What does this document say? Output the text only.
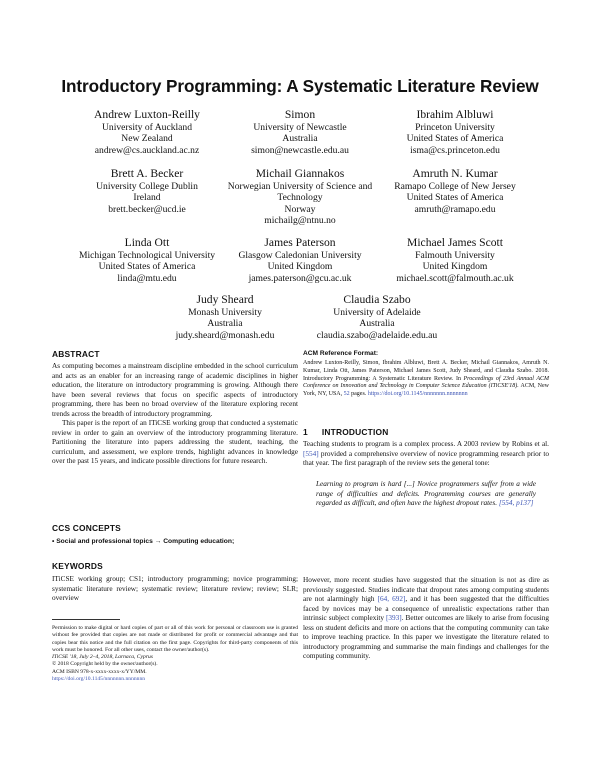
Introductory Programming: A Systematic Literature Review
Andrew Luxton-Reilly
University of Auckland
New Zealand
andrew@cs.auckland.ac.nz
Simon
University of Newcastle
Australia
simon@newcastle.edu.au
Ibrahim Albluwi
Princeton University
United States of America
isma@cs.princeton.edu
Brett A. Becker
University College Dublin
Ireland
brett.becker@ucd.ie
Michail Giannakos
Norwegian University of Science and
Technology
Norway
michailg@ntnu.no
Amruth N. Kumar
Ramapo College of New Jersey
United States of America
amruth@ramapo.edu
Linda Ott
Michigan Technological University
United States of America
linda@mtu.edu
James Paterson
Glasgow Caledonian University
United Kingdom
james.paterson@gcu.ac.uk
Michael James Scott
Falmouth University
United Kingdom
michael.scott@falmouth.ac.uk
Judy Sheard
Monash University
Australia
judy.sheard@monash.edu
Claudia Szabo
University of Adelaide
Australia
claudia.szabo@adelaide.edu.au
ABSTRACT

As computing becomes a mainstream discipline embedded in the school curriculum and acts as an enabler for an increasing range of academic disciplines in higher education, the literature on introductory programming is growing. Although there have been several reviews that focus on specific aspects of introductory programming, there has been no broad overview of the literature exploring recent trends across the breadth of introductory programming.

This paper is the report of an ITiCSE working group that conducted a systematic review in order to gain an overview of the introductory programming literature. Partitioning the literature into papers addressing the student, teaching, the curriculum, and assessment, we explore trends, highlight advances in knowledge over the past 15 years, and indicate possible directions for future research.

CCS CONCEPTS
• Social and professional topics → Computing education;
KEYWORDS
ITiCSE working group; CS1; introductory programming; novice programming; systematic literature review; systematic review; literature review; review; SLR; overview
Permission to make digital or hard copies of part or all of this work for personal or classroom use is granted without fee provided that copies are not made or distributed for profit or commercial advantage and that copies bear this notice and the full citation on the first page. Copyrights for third-party components of this work must be honored. For all other uses, contact the owner/author(s).
ITiCSE '18, July 2–4, 2018, Larnaca, Cyprus
© 2018 Copyright held by the owner/author(s).
ACM ISBN 978-x-xxxx-xxxx-x/YY/MM.
https://doi.org/10.1145/nnnnnnn.nnnnnnn
ACM Reference Format:
Andrew Luxton-Reilly, Simon, Ibrahim Albluwi, Brett A. Becker, Michail Giannakos, Amruth N. Kumar, Linda Ott, James Paterson, Michael James Scott, Judy Sheard, and Claudia Szabo. 2018. Introductory Programming: A Systematic Literature Review. In Proceedings of 23rd Annual ACM Conference on Innovation and Technology in Computer Science Education (ITiCSE'18). ACM, New York, NY, USA, 52 pages. https://doi.org/10.1145/nnnnnnn.nnnnnnn
1 INTRODUCTION
Teaching students to program is a complex process. A 2003 review by Robins et al. [554] provided a comprehensive overview of novice programming research prior to that year. The first paragraph of the review sets the general tone:
Learning to program is hard [...] Novice programmers suffer from a wide range of difficulties and deficits. Programming courses are generally regarded as difficult, and often have the highest dropout rates. [554, p137]
However, more recent studies have suggested that the situation is not as dire as previously suggested. Studies indicate that dropout rates among computing students are not alarmingly high [64, 692], and it has been suggested that the difficulties faced by novices may be a consequence of unrealistic expectations rather than intrinsic subject complexity [393]. Better outcomes are likely to arise from focusing less on student deficits and more on actions that the computing community can take to improve teaching practice. In this paper we investigate the literature related to introductory programming and summarise the main findings and challenges for the computing community.
